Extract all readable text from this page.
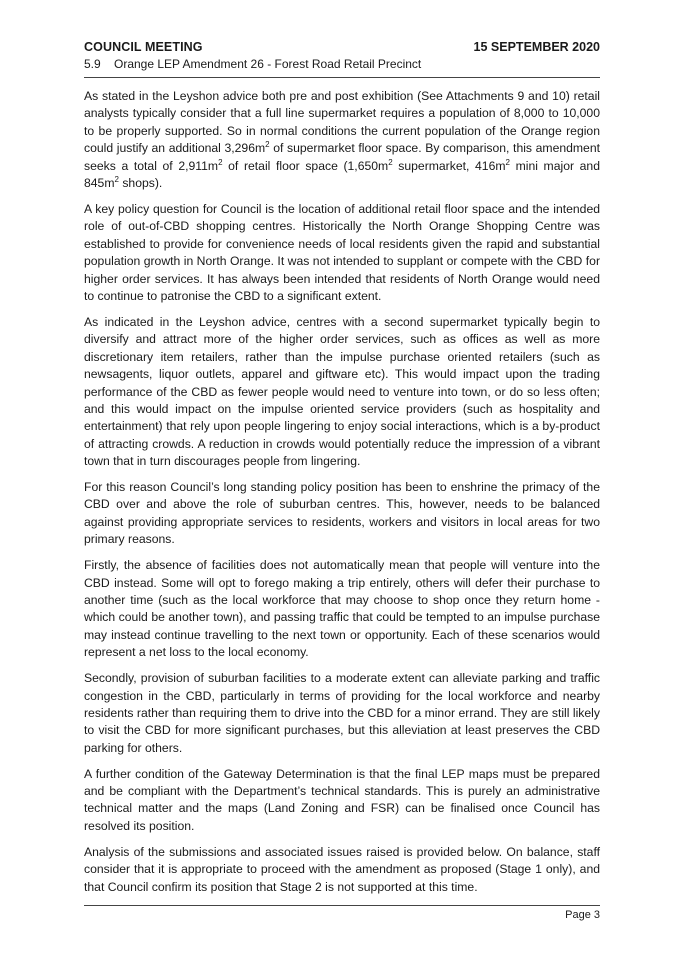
COUNCIL MEETING	15 SEPTEMBER 2020
5.9	Orange LEP Amendment 26 - Forest Road Retail Precinct

As stated in the Leyshon advice both pre and post exhibition (See Attachments 9 and 10) retail analysts typically consider that a full line supermarket requires a population of 8,000 to 10,000 to be properly supported. So in normal conditions the current population of the Orange region could justify an additional $3,296m^2$ of supermarket floor space. By comparison, this amendment seeks a total of $2,911m^2$ of retail floor space ($1,650m^2$ supermarket, $416m^2$ mini major and $845m^2$ shops).

A key policy question for Council is the location of additional retail floor space and the intended role of out-of-CBD shopping centres. Historically the North Orange Shopping Centre was established to provide for convenience needs of local residents given the rapid and substantial population growth in North Orange. It was not intended to supplant or compete with the CBD for higher order services. It has always been intended that residents of North Orange would need to continue to patronise the CBD to a significant extent.

As indicated in the Leyshon advice, centres with a second supermarket typically begin to diversify and attract more of the higher order services, such as offices as well as more discretionary item retailers, rather than the impulse purchase oriented retailers (such as newsagents, liquor outlets, apparel and giftware etc). This would impact upon the trading performance of the CBD as fewer people would need to venture into town, or do so less often; and this would impact on the impulse oriented service providers (such as hospitality and entertainment) that rely upon people lingering to enjoy social interactions, which is a by-product of attracting crowds. A reduction in crowds would potentially reduce the impression of a vibrant town that in turn discourages people from lingering.

For this reason Council’s long standing policy position has been to enshrine the primacy of the CBD over and above the role of suburban centres. This, however, needs to be balanced against providing appropriate services to residents, workers and visitors in local areas for two primary reasons.

Firstly, the absence of facilities does not automatically mean that people will venture into the CBD instead. Some will opt to forego making a trip entirely, others will defer their purchase to another time (such as the local workforce that may choose to shop once they return home - which could be another town), and passing traffic that could be tempted to an impulse purchase may instead continue travelling to the next town or opportunity. Each of these scenarios would represent a net loss to the local economy.

Secondly, provision of suburban facilities to a moderate extent can alleviate parking and traffic congestion in the CBD, particularly in terms of providing for the local workforce and nearby residents rather than requiring them to drive into the CBD for a minor errand. They are still likely to visit the CBD for more significant purchases, but this alleviation at least preserves the CBD parking for others.

A further condition of the Gateway Determination is that the final LEP maps must be prepared and be compliant with the Department’s technical standards. This is purely an administrative technical matter and the maps (Land Zoning and FSR) can be finalised once Council has resolved its position.

Analysis of the submissions and associated issues raised is provided below. On balance, staff consider that it is appropriate to proceed with the amendment as proposed (Stage 1 only), and that Council confirm its position that Stage 2 is not supported at this time.

Page 3
